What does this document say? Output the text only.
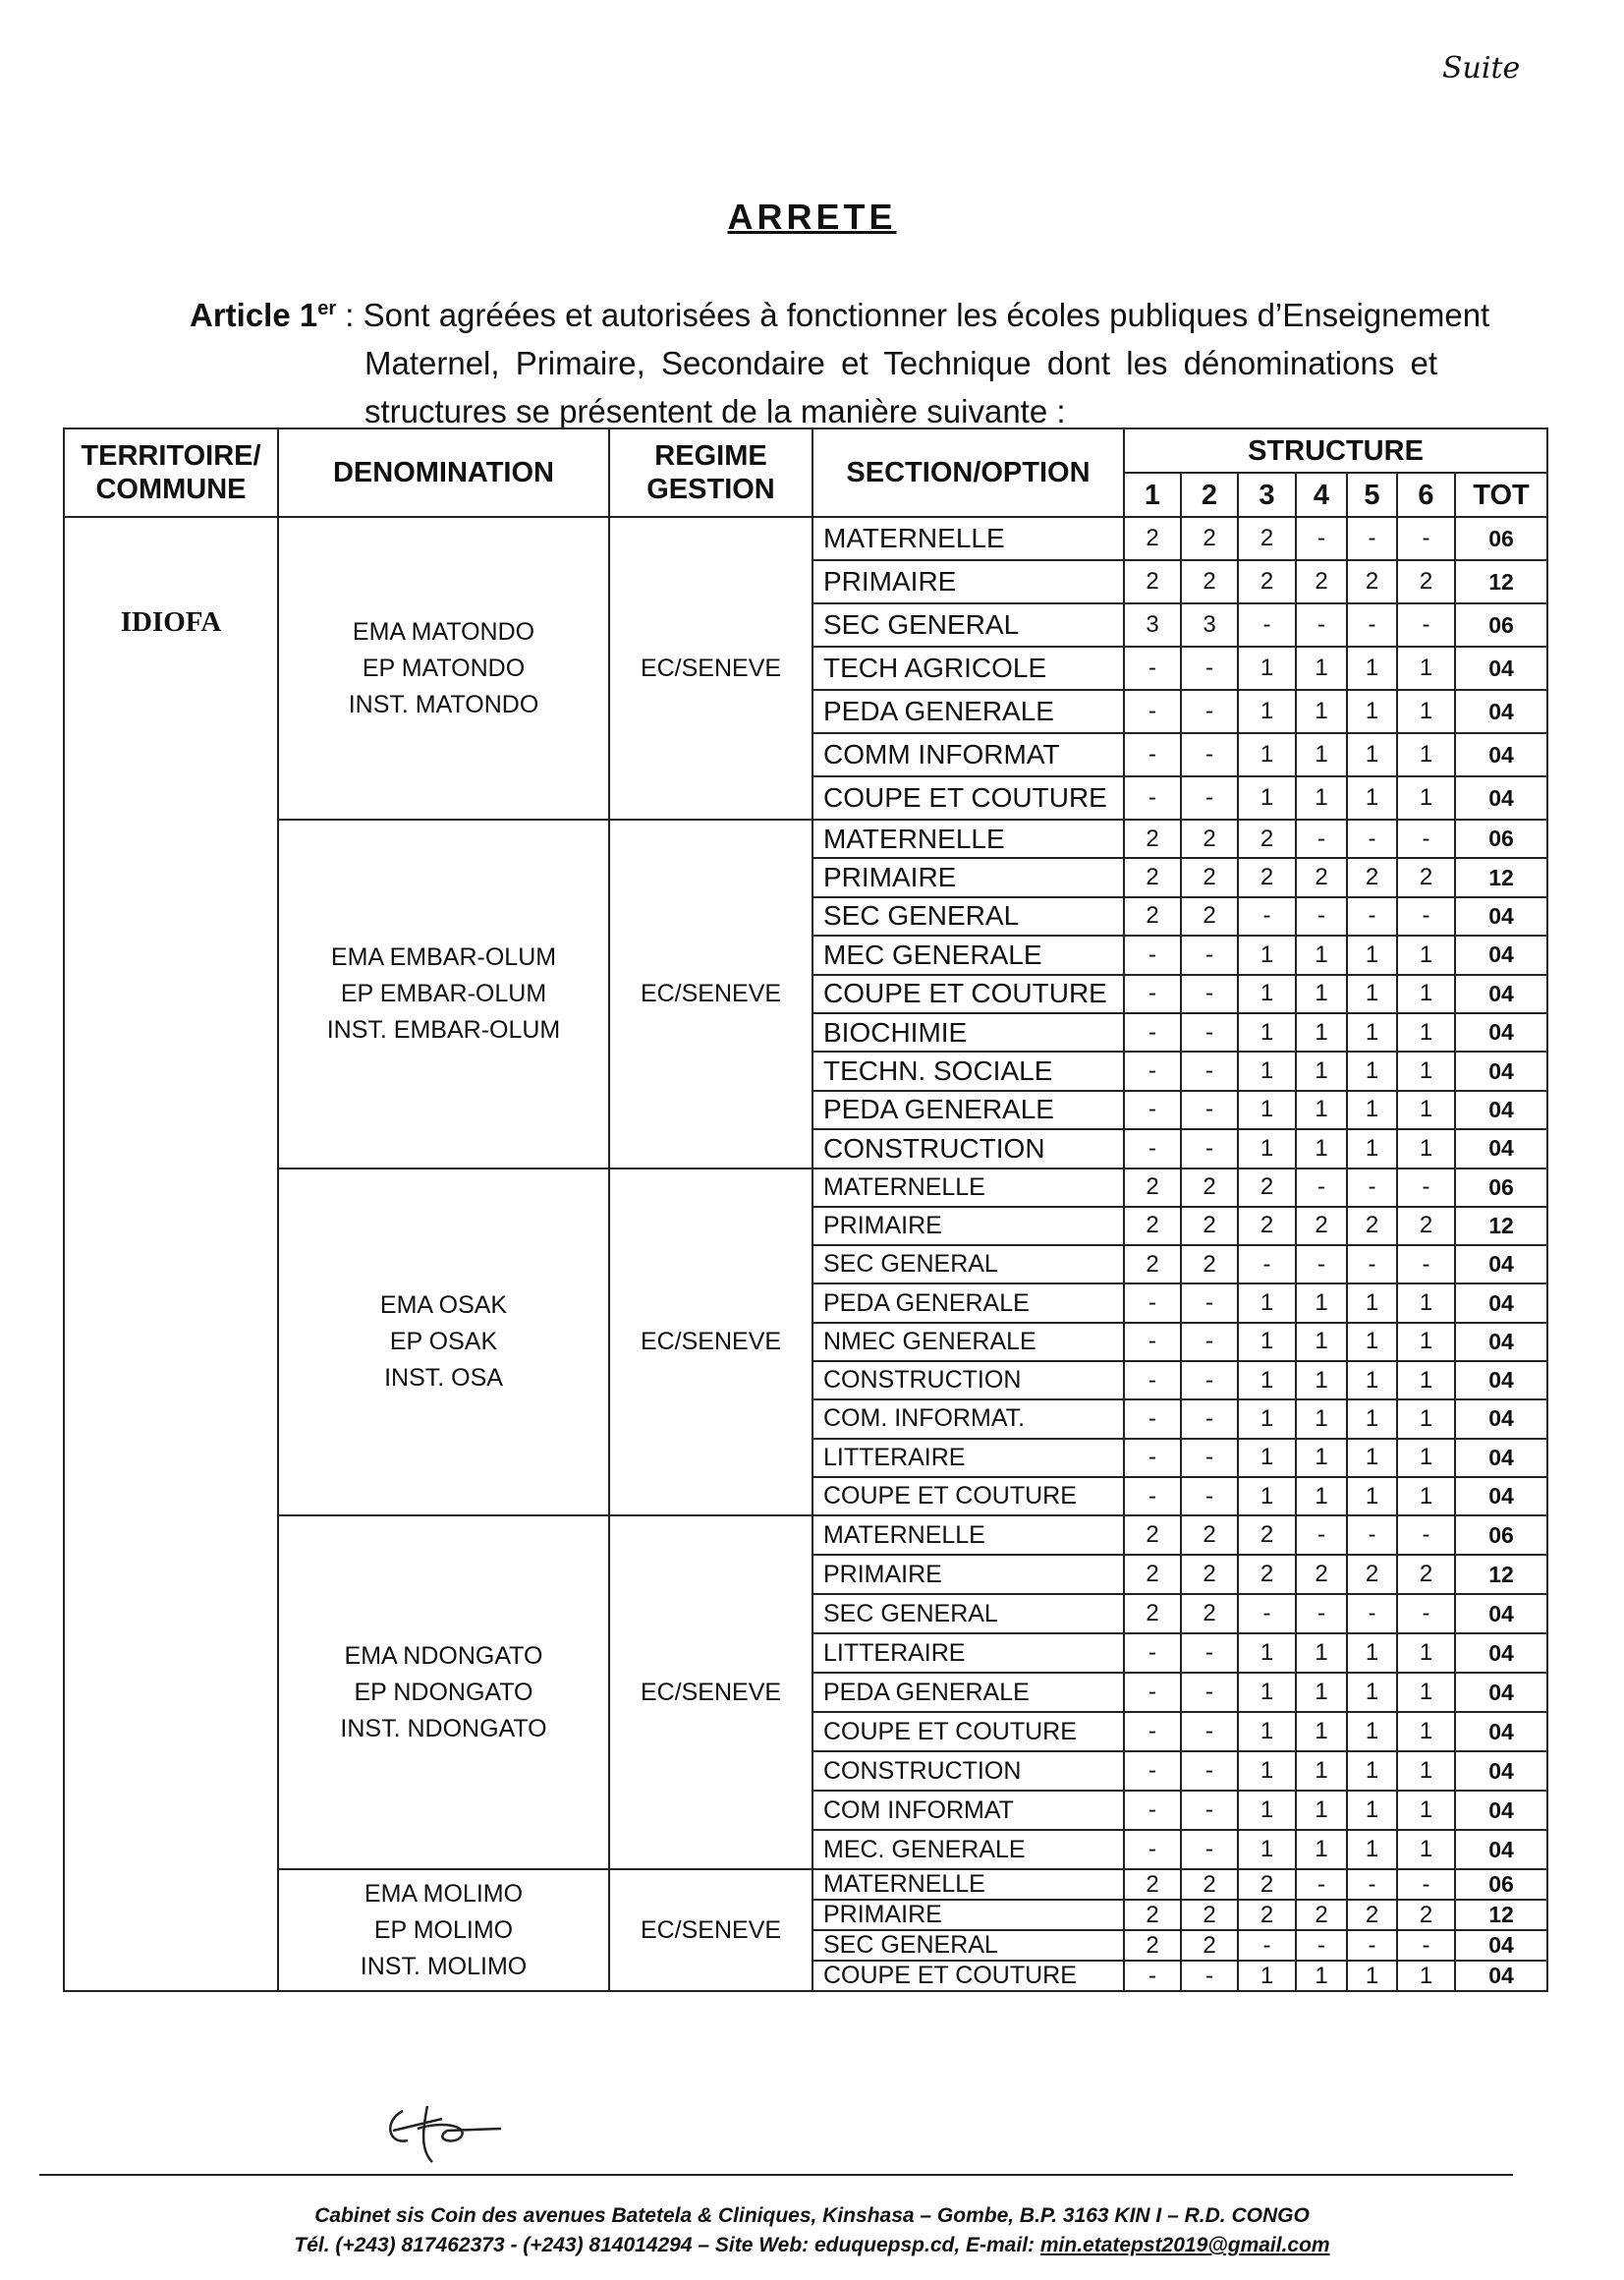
Suite
ARRETE
Article 1er : Sont agréées et autorisées à fonctionner les écoles publiques d’Enseignement
Maternel, Primaire, Secondaire et Technique dont les dénominations et structures se présentent de la manière suivante :
TERRITOIRE/ COMMUNE	DENOMINATION	REGIME GESTION	SECTION/OPTION	STRUCTURE						
				1	2	3	4	5	6	TOT
IDIOFA	EMA MATONDO
EP MATONDO
INST. MATONDO	EC/SENEVE	MATERNELLE	2	2	2	-	-	-	06
			PRIMAIRE	2	2	2	2	2	2	12
			SEC GENERAL	3	3	-	-	-	-	06
			TECH AGRICOLE	-	-	1	1	1	1	04
			PEDA GENERALE	-	-	1	1	1	1	04
			COMM INFORMAT	-	-	1	1	1	1	04
			COUPE ET COUTURE	-	-	1	1	1	1	04

	EMA EMBAR-OLUM
EP EMBAR-OLUM
INST. EMBAR-OLUM	EC/SENEVE	MATERNELLE	2	2	2	-	-	-	06
			PRIMAIRE	2	2	2	2	2	2	12
			SEC GENERAL	2	2	-	-	-	-	04
			MEC GENERALE	-	-	1	1	1	1	04
			COUPE ET COUTURE	-	-	1	1	1	1	04
			BIOCHIMIE	-	-	1	1	1	1	04
			TECHN. SOCIALE	-	-	1	1	1	1	04
			PEDA GENERALE	-	-	1	1	1	1	04
			CONSTRUCTION	-	-	1	1	1	1	04

	EMA OSAK
EP OSAK
INST. OSA	EC/SENEVE	MATERNELLE	2	2	2	-	-	-	06
			PRIMAIRE	2	2	2	2	2	2	12
			SEC GENERAL	2	2	-	-	-	-	04
			PEDA GENERALE	-	-	1	1	1	1	04
			NMEC GENERALE	-	-	1	1	1	1	04
			CONSTRUCTION	-	-	1	1	1	1	04
			COM. INFORMAT.	-	-	1	1	1	1	04
			LITTERAIRE	-	-	1	1	1	1	04
			COUPE ET COUTURE	-	-	1	1	1	1	04

	EMA NDONGATO
EP NDONGATO
INST. NDONGATO	EC/SENEVE	MATERNELLE	2	2	2	-	-	-	06
			PRIMAIRE	2	2	2	2	2	2	12
			SEC GENERAL	2	2	-	-	-	-	04
			LITTERAIRE	-	-	1	1	1	1	04
			PEDA GENERALE	-	-	1	1	1	1	04
			COUPE ET COUTURE	-	-	1	1	1	1	04
			CONSTRUCTION	-	-	1	1	1	1	04
			COM INFORMAT	-	-	1	1	1	1	04
			MEC. GENERALE	-	-	1	1	1	1	04

	EMA MOLIMO
EP MOLIMO
INST. MOLIMO	EC/SENEVE	MATERNELLE	2	2	2	-	-	-	06
			PRIMAIRE	2	2	2	2	2	2	12
			SEC GENERAL	2	2	-	-	-	-	04
			COUPE ET COUTURE	-	-	1	1	1	1	04
Cabinet sis Coin des avenues Batetela & Cliniques, Kinshasa – Gombe, B.P. 3163 KIN I – R.D. CONGO
Tél. (+243) 817462373 - (+243) 814014294 – Site Web: eduquepsp.cd, E-mail: min.etatepst2019@gmail.com
